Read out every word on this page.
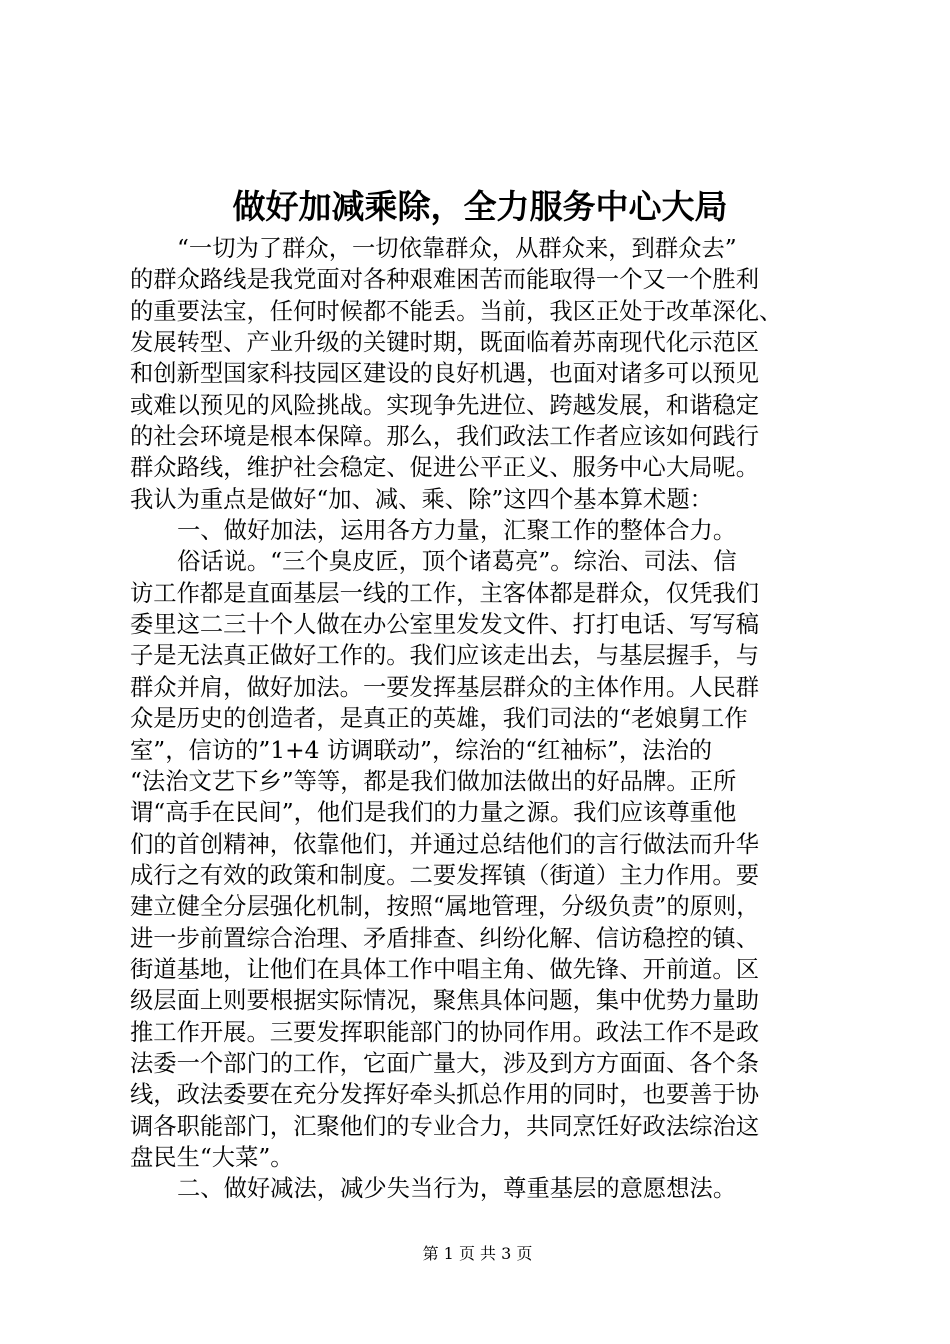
做好加减乘除，全力服务中心大局
“一切为了群众，一切依靠群众，从群众来，到群众去”
的群众路线是我党面对各种艰难困苦而能取得一个又一个胜利
的重要法宝，任何时候都不能丢。当前，我区正处于改革深化、
发展转型、产业升级的关键时期，既面临着苏南现代化示范区
和创新型国家科技园区建设的良好机遇，也面对诸多可以预见
或难以预见的风险挑战。实现争先进位、跨越发展，和谐稳定
的社会环境是根本保障。那么，我们政法工作者应该如何践行
群众路线，维护社会稳定、促进公平正义、服务中心大局呢。
我认为重点是做好“加、减、乘、除”这四个基本算术题：
一、做好加法，运用各方力量，汇聚工作的整体合力。
俗话说。“三个臭皮匠，顶个诸葛亮”。综治、司法、信
访工作都是直面基层一线的工作，主客体都是群众，仅凭我们
委里这二三十个人做在办公室里发发文件、打打电话、写写稿
子是无法真正做好工作的。我们应该走出去，与基层握手，与
群众并肩，做好加法。一要发挥基层群众的主体作用。人民群
众是历史的创造者，是真正的英雄，我们司法的“老娘舅工作
室”，信访的”1+4 访调联动”，综治的“红袖标”，法治的
“法治文艺下乡”等等，都是我们做加法做出的好品牌。正所
谓“高手在民间”，他们是我们的力量之源。我们应该尊重他
们的首创精神，依靠他们，并通过总结他们的言行做法而升华
成行之有效的政策和制度。二要发挥镇（街道）主力作用。要
建立健全分层强化机制，按照“属地管理，分级负责”的原则，
进一步前置综合治理、矛盾排查、纠纷化解、信访稳控的镇、
街道基地，让他们在具体工作中唱主角、做先锋、开前道。区
级层面上则要根据实际情况，聚焦具体问题，集中优势力量助
推工作开展。三要发挥职能部门的协同作用。政法工作不是政
法委一个部门的工作，它面广量大，涉及到方方面面、各个条
线，政法委要在充分发挥好牵头抓总作用的同时，也要善于协
调各职能部门，汇聚他们的专业合力，共同烹饪好政法综治这
盘民生“大菜”。
二、做好减法，减少失当行为，尊重基层的意愿想法。
第 1 页 共 3 页
